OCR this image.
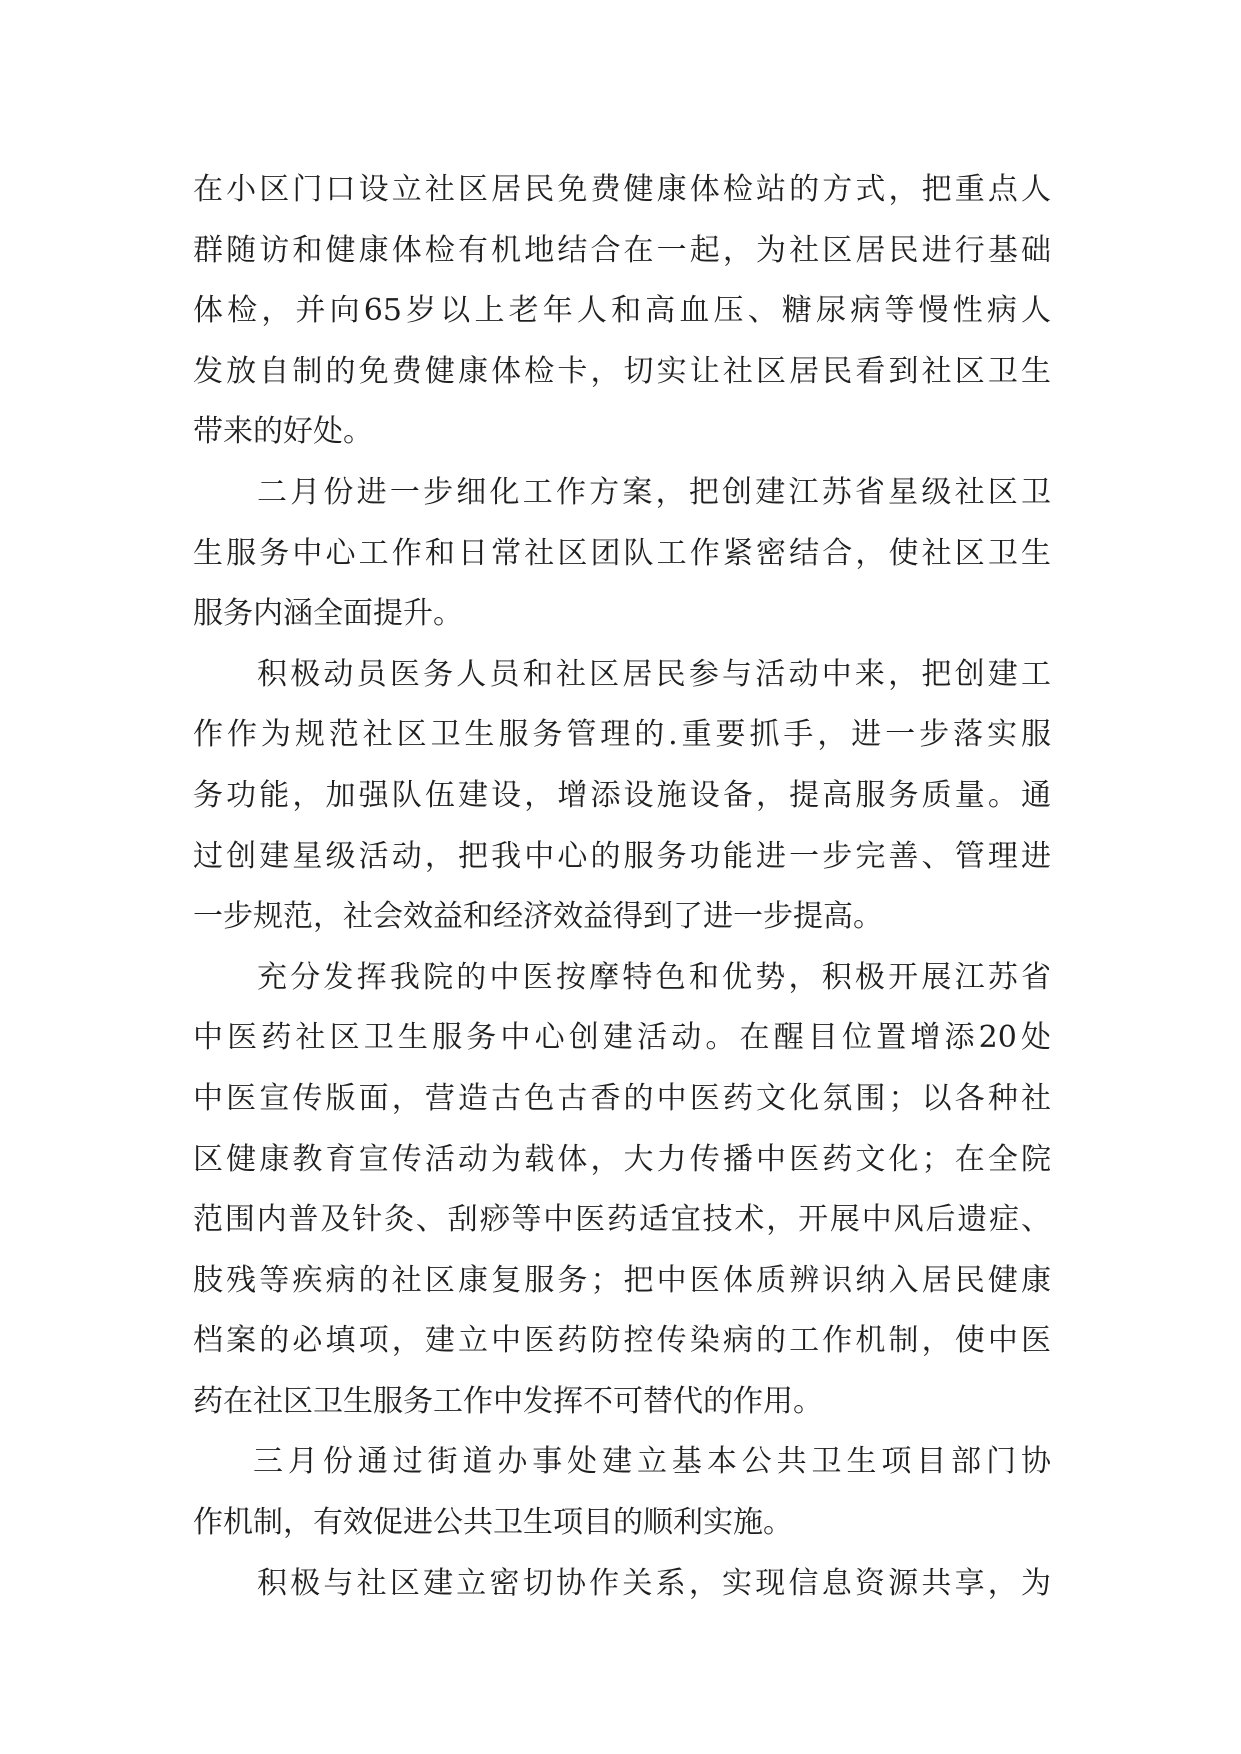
在小区门口设立社区居民免费健康体检站的方式，把重点人
群随访和健康体检有机地结合在一起，为社区居民进行基础
体检，并向65岁以上老年人和高血压、糖尿病等慢性病人
发放自制的免费健康体检卡，切实让社区居民看到社区卫生
带来的好处。
二月份进一步细化工作方案，把创建江苏省星级社区卫
生服务中心工作和日常社区团队工作紧密结合，使社区卫生
服务内涵全面提升。
积极动员医务人员和社区居民参与活动中来，把创建工
作作为规范社区卫生服务管理的.重要抓手，进一步落实服
务功能，加强队伍建设，增添设施设备，提高服务质量。通
过创建星级活动，把我中心的服务功能进一步完善、管理进
一步规范，社会效益和经济效益得到了进一步提高。
充分发挥我院的中医按摩特色和优势，积极开展江苏省
中医药社区卫生服务中心创建活动。在醒目位置增添20处
中医宣传版面，营造古色古香的中医药文化氛围；以各种社
区健康教育宣传活动为载体，大力传播中医药文化；在全院
范围内普及针灸、刮痧等中医药适宜技术，开展中风后遗症、
肢残等疾病的社区康复服务；把中医体质辨识纳入居民健康
档案的必填项，建立中医药防控传染病的工作机制，使中医
药在社区卫生服务工作中发挥不可替代的作用。
三月份通过街道办事处建立基本公共卫生项目部门协
作机制，有效促进公共卫生项目的顺利实施。
积极与社区建立密切协作关系，实现信息资源共享，为
